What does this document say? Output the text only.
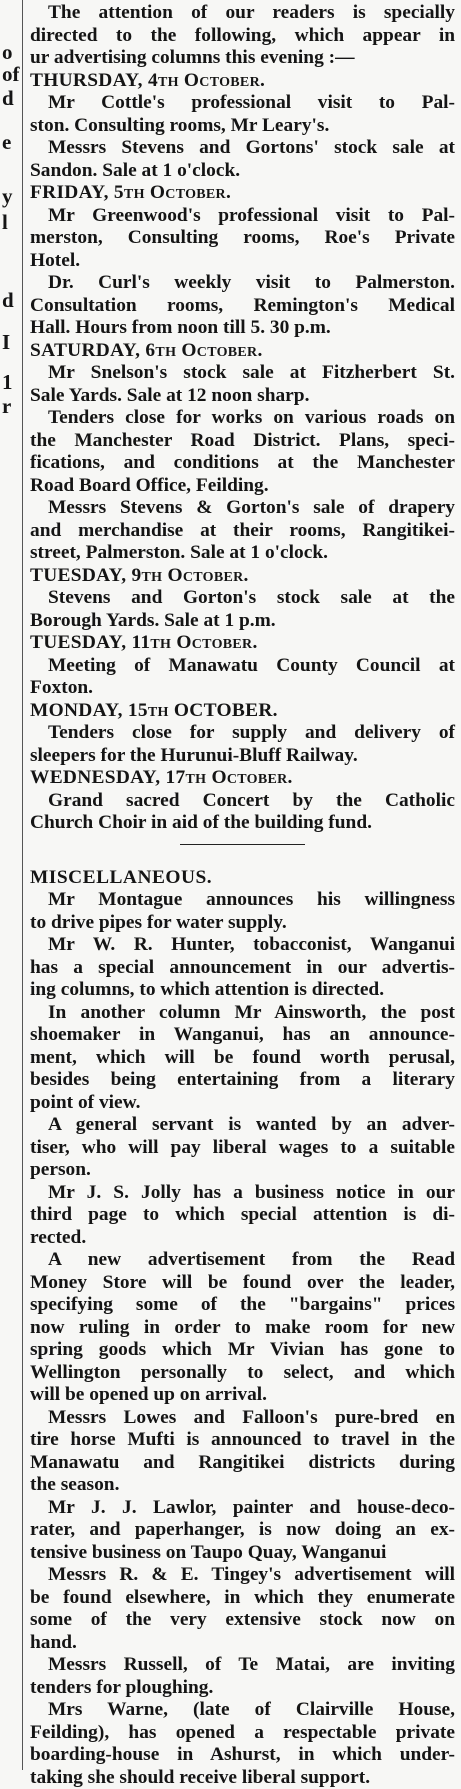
o
of
d
e
y
l
d
I
1
r
The attention of our readers is specially
directed to the following, which appear in
ur advertising columns this evening :—
THURSDAY, 4th October.
Mr Cottle's professional visit to Pal-
ston. Consulting rooms, Mr Leary's.
Messrs Stevens and Gortons' stock sale at
Sandon. Sale at 1 o'clock.
FRIDAY, 5th October.
Mr Greenwood's professional visit to Pal-
merston, Consulting rooms, Roe's Private
Hotel.
Dr. Curl's weekly visit to Palmerston.
Consultation rooms, Remington's Medical
Hall. Hours from noon till 5. 30 p.m.
SATURDAY, 6th October.
Mr Snelson's stock sale at Fitzherbert St.
Sale Yards. Sale at 12 noon sharp.
Tenders close for works on various roads on
the Manchester Road District. Plans, speci-
fications, and conditions at the Manchester
Road Board Office, Feilding.
Messrs Stevens & Gorton's sale of drapery
and merchandise at their rooms, Rangitikei-
street, Palmerston. Sale at 1 o'clock.
TUESDAY, 9th October.
Stevens and Gorton's stock sale at the
Borough Yards. Sale at 1 p.m.
TUESDAY, 11th October.
Meeting of Manawatu County Council at
Foxton.
MONDAY, 15th OCTOBER.
Tenders close for supply and delivery of
sleepers for the Hurunui-Bluff Railway.
WEDNESDAY, 17th October.
Grand sacred Concert by the Catholic
Church Choir in aid of the building fund.
MISCELLANEOUS.
Mr Montague announces his willingness
to drive pipes for water supply.
Mr W. R. Hunter, tobacconist, Wanganui
has a special announcement in our advertis-
ing columns, to which attention is directed.
In another column Mr Ainsworth, the post
shoemaker in Wanganui, has an announce-
ment, which will be found worth perusal,
besides being entertaining from a literary
point of view.
A general servant is wanted by an adver-
tiser, who will pay liberal wages to a suitable
person.
Mr J. S. Jolly has a business notice in our
third page to which special attention is di-
rected.
A new advertisement from the Read
Money Store will be found over the leader,
specifying some of the "bargains" prices
now ruling in order to make room for new
spring goods which Mr Vivian has gone to
Wellington personally to select, and which
will be opened up on arrival.
Messrs Lowes and Falloon's pure-bred en
tire horse Mufti is announced to travel in the
Manawatu and Rangitikei districts during
the season.
Mr J. J. Lawlor, painter and house-deco-
rater, and paperhanger, is now doing an ex-
tensive business on Taupo Quay, Wanganui
Messrs R. & E. Tingey's advertisement will
be found elsewhere, in which they enumerate
some of the very extensive stock now on
hand.
Messrs Russell, of Te Matai, are inviting
tenders for ploughing.
Mrs Warne, (late of Clairville House,
Feilding), has opened a respectable private
boarding-house in Ashurst, in which under-
taking she should receive liberal support.
